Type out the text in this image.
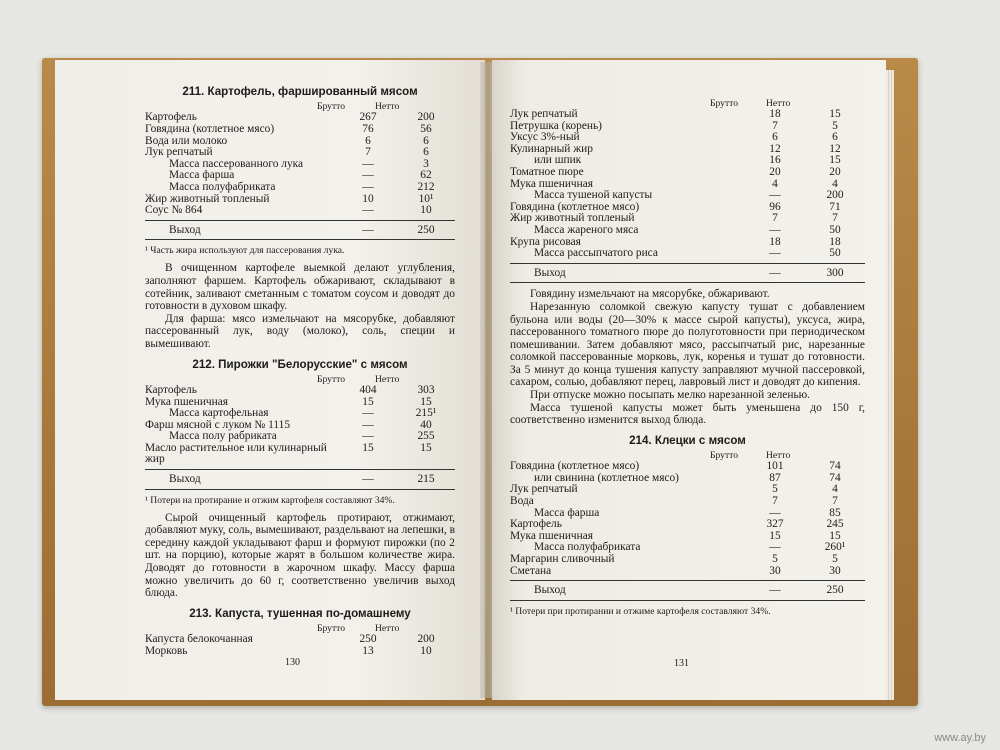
211. Картофель, фаршированный мясом
Брутто	Нетто
Картофель	267	200
Говядина (котлетное мясо)	76	56
Вода или молоко	6	6
Лук репчатый	7	6
Масса пассерованного лука	—	3
Масса фарша	—	62
Масса полуфабриката	—	212
Жир животный топленый	10	10¹
Соус № 864	—	10
Выход	—	250
¹ Часть жира используют для пассерования лука.

В очищенном картофеле выемкой делают углубления, заполняют фаршем. Картофель обжаривают, складывают в сотейник, заливают сметанным с томатом соусом и доводят до готовности в духовом шкафу.

Для фарша: мясо измельчают на мясорубке, добавляют пассерованный лук, воду (молоко), соль, специи и вымешивают.

212. Пирожки "Белорусские" с мясом
Брутто	Нетто
Картофель	404	303
Мука пшеничная	15	15
Масса картофельная	—	215¹
Фарш мясной с луком № 1115	—	40
Масса полу рабриката	—	255
Масло растительное или кулинарный жир	15	15
Выход	—	215
¹ Потери на протирание и отжим картофеля составляют 34%.

Сырой очищенный картофель протирают, отжимают, добавляют муку, соль, вымешивают, раздельвают на лепешки, в середину каждой укладывают фарш и формуют пирожки (по 2 шт. на порцию), которые жарят в большом количестве жира. Доводят до готовности в жарочном шкафу. Массу фарша можно увеличить до 60 г, соответственно увеличив выход блюда.

213. Капуста, тушенная по-домашнему
Брутто	Нетто
Капуста белокочанная	250	200
Морковь	13	10
130
Брутто	Нетто
Лук репчатый	18	15
Петрушка (корень)	7	5
Уксус 3%-ный	6	6
Кулинарный жир	12	12
или шпик	16	15
Томатное пюре	20	20
Мука пшеничная	4	4
Масса тушеной капусты	—	200
Говядина (котлетное мясо)	96	71
Жир животный топленый	7	7
Масса жареного мяса	—	50
Крупа рисовая	18	18
Масса рассыпчатого риса	—	50
Выход	—	300

Говядину измельчают на мясорубке, обжаривают.

Нарезанную соломкой свежую капусту тушат с добавлением бульона или воды (20—30% к массе сырой капусты), уксуса, жира, пассерованного томатного пюре до полуготовности при периодическом помешивании. Затем добавляют мясо, рассыпчатый рис, нарезанные соломкой пассерованные морковь, лук, коренья и тушат до готовности. За 5 минут до конца тушения капусту заправляют мучной пассеровкой, сахаром, солью, добавляют перец, лавровый лист и доводят до кипения.

При отпуске можно посыпать мелко нарезанной зеленью.

Масса тушеной капусты может быть уменьшена до 150 г, соответственно изменится выход блюда.

214. Клецки с мясом
Брутто	Нетто
Говядина (котлетное мясо)	101	74
или свинина (котлетное мясо)	87	74
Лук репчатый	5	4
Вода	7	7
Масса фарша	—	85
Картофель	327	245
Мука пшеничная	15	15
Масса полуфабриката	—	260¹
Маргарин сливочный	5	5
Сметана	30	30
Выход	—	250
¹ Потери при протирании и отжиме картофеля составляют 34%.
131
www.ay.by
